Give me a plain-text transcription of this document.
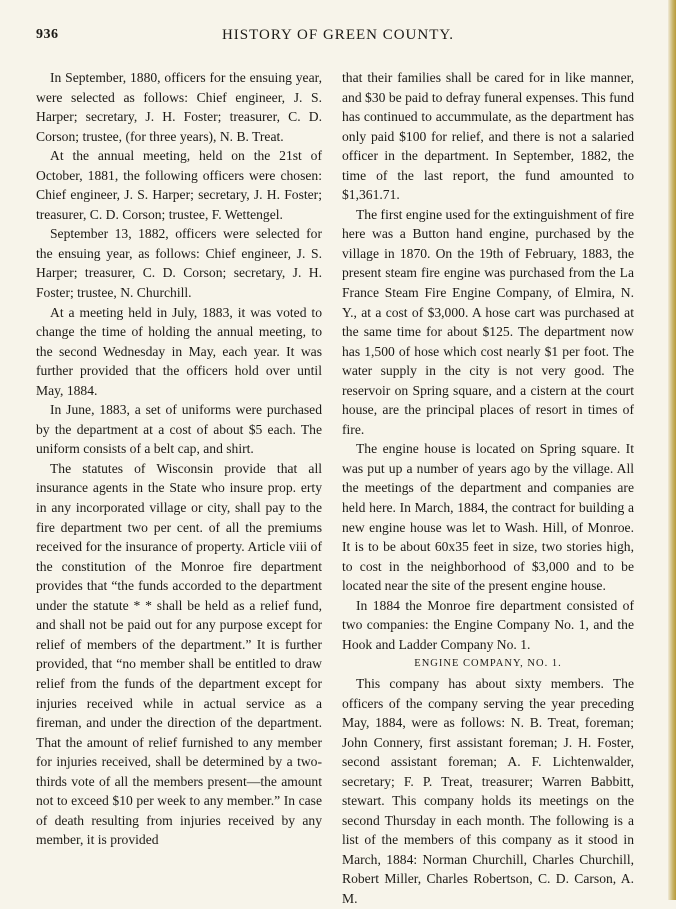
936	HISTORY OF GREEN COUNTY.

In September, 1880, officers for the ensuing year, were selected as follows: Chief engineer, J. S. Harper; secretary, J. H. Foster; treasurer, C. D. Corson; trustee, (for three years), N. B. Treat.

At the annual meeting, held on the 21st of October, 1881, the following officers were chosen: Chief engineer, J. S. Harper; secretary, J. H. Foster; treasurer, C. D. Corson; trustee, F. Wettengel.

September 13, 1882, officers were selected for the ensuing year, as follows: Chief engineer, J. S. Harper; treasurer, C. D. Corson; secretary, J. H. Foster; trustee, N. Churchill.

At a meeting held in July, 1883, it was voted to change the time of holding the annual meeting, to the second Wednesday in May, each year. It was further provided that the officers hold over until May, 1884.

In June, 1883, a set of uniforms were purchased by the department at a cost of about $5 each. The uniform consists of a belt cap, and shirt.

The statutes of Wisconsin provide that all insurance agents in the State who insure prop. erty in any incorporated village or city, shall pay to the fire department two per cent. of all the premiums received for the insurance of property. Article viii of the constitution of the Monroe fire department provides that “the funds accorded to the department under the statute * * shall be held as a relief fund, and shall not be paid out for any purpose except for relief of members of the department.” It is further provided, that “no member shall be entitled to draw relief from the funds of the department except for injuries received while in actual service as a fireman, and under the direction of the department. That the amount of relief furnished to any member for injuries received, shall be determined by a two-thirds vote of all the members present—the amount not to exceed $10 per week to any member.” In case of death resulting from injuries received by any member, it is provided

that their families shall be cared for in like manner, and $30 be paid to defray funeral expenses. This fund has continued to accummulate, as the department has only paid $100 for relief, and there is not a salaried officer in the department. In September, 1882, the time of the last report, the fund amounted to $1,361.71.

The first engine used for the extinguishment of fire here was a Button hand engine, purchased by the village in 1870. On the 19th of February, 1883, the present steam fire engine was purchased from the La France Steam Fire Engine Company, of Elmira, N. Y., at a cost of $3,000. A hose cart was purchased at the same time for about $125. The department now has 1,500 of hose which cost nearly $1 per foot. The water supply in the city is not very good. The reservoir on Spring square, and a cistern at the court house, are the principal places of resort in times of fire.

The engine house is located on Spring square. It was put up a number of years ago by the village. All the meetings of the department and companies are held here. In March, 1884, the contract for building a new engine house was let to Wash. Hill, of Monroe. It is to be about 60x35 feet in size, two stories high, to cost in the neighborhood of $3,000 and to be located near the site of the present engine house.

In 1884 the Monroe fire department consisted of two companies: the Engine Company No. 1, and the Hook and Ladder Company No. 1.

ENGINE COMPANY, NO. 1.

This company has about sixty members. The officers of the company serving the year preceding May, 1884, were as follows: N. B. Treat, foreman; John Connery, first assistant foreman; J. H. Foster, second assistant foreman; A. F. Lichtenwalder, secretary; F. P. Treat, treasurer; Warren Babbitt, stewart. This company holds its meetings on the second Thursday in each month. The following is a list of the members of this company as it stood in March, 1884: Norman Churchill, Charles Churchill, Robert Miller, Charles Robertson, C. D. Carson, A. M.
